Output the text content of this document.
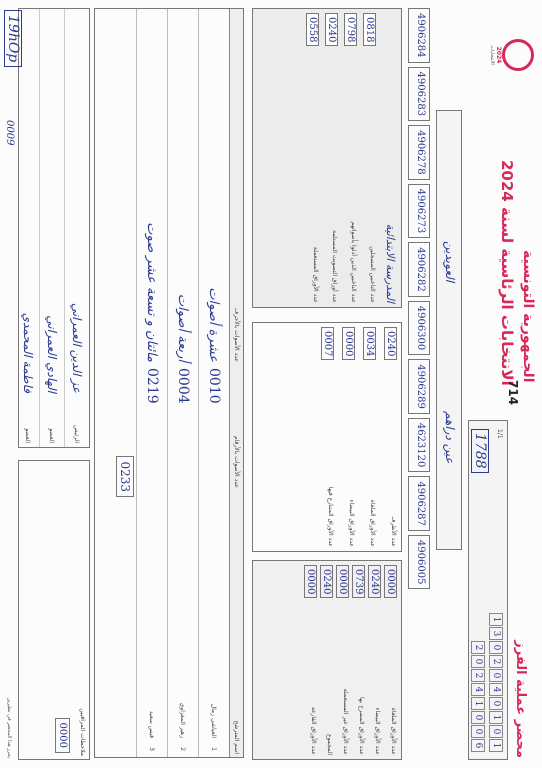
محضر عملية الفرز
2024
الانتخابات
الجمهورية التونسية
الانتخابات الرئاسية لسنة 2024
714
1
3
0
2
0
4
0
1
0
1
2
0
2
4
1
0
0
6
1/1
1788
عين دراهم
العويدين
4906284
4906283
4906278
4906273
4906282
4906300
4906289
4623120
4906287
4906005
عدد الأوراق الملغاة
0000
عدد الأوراق البيضاء
0240
عدد الأوراق المصرح بها
0739
عدد الأوراق غير المستعملة
0000
المجموع
0240
عدد الأوراق الفارغة
0000
عدد الأظرف
0240
عدد الأوراق الملغاة
0034
عدد الأوراق البيضاء
0000
عدد الأوراق المتنازع فيها
0007
المدرسة الابتدائية
عدد الناخبين المسجلين
0818
عدد الناخبين الذين أدلوا بأصواتهم
0798
عدد أوراق التصويت المستلمة
0240
عدد الأوراق المستعملة
0558
اسم المترشح
عدد الأصوات بالأرقام
عدد الأصوات بالأحرف
1
العياشي زمال
0010
عشرة أصوات
2
زهير المغزاوي
0004
أربعة أصوات
3
قيس سعيد
0219
مائتان و تسعة عشر صوت
0233
ملاحظات المراقبين
0000
الرئيس
عز الدين العمراني
العضو
الهادي العمراني
العضو
فاطمة المحمدي
يحرر هذا المحضر في نظيرين
0009
19hOp
